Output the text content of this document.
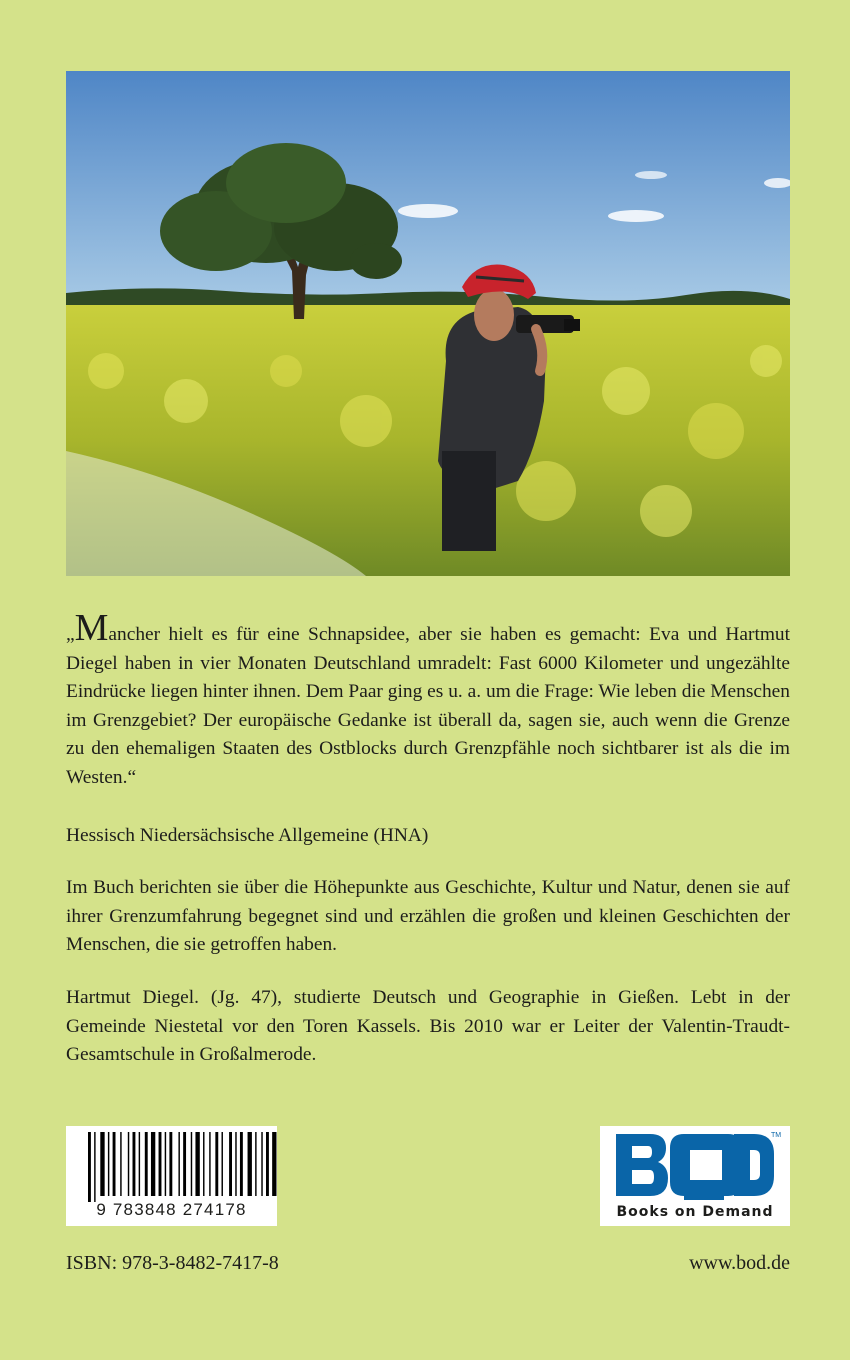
„Mancher hielt es für eine Schnapsidee, aber sie haben es gemacht: Eva und Hartmut Diegel haben in vier Monaten Deutschland umradelt: Fast 6000 Kilometer und ungezählte Eindrücke liegen hinter ihnen. Dem Paar ging es u. a. um die Frage: Wie leben die Menschen im Grenzgebiet? Der europäische Gedanke ist überall da, sagen sie, auch wenn die Grenze zu den ehemaligen Staaten des Ostblocks durch Grenzpfähle noch sichtbarer ist als die im Westen.“
Hessisch Niedersächsische Allgemeine (HNA)
Im Buch berichten sie über die Höhepunkte aus Geschichte, Kultur und Natur, denen sie auf ihrer Grenzumfahrung begegnet sind und erzählen die großen und kleinen Geschichten der Menschen, die sie getroffen haben.
Hartmut Diegel. (Jg. 47), studierte Deutsch und Geographie in Gießen. Lebt in der Gemeinde Niestetal vor den Toren Kassels. Bis 2010 war er Leiter der Valentin-Traudt-Gesamtschule in Großalmerode.
9 783848 274178
TM
Books on Demand
ISBN: 978-3-8482-7417-8	www.bod.de
